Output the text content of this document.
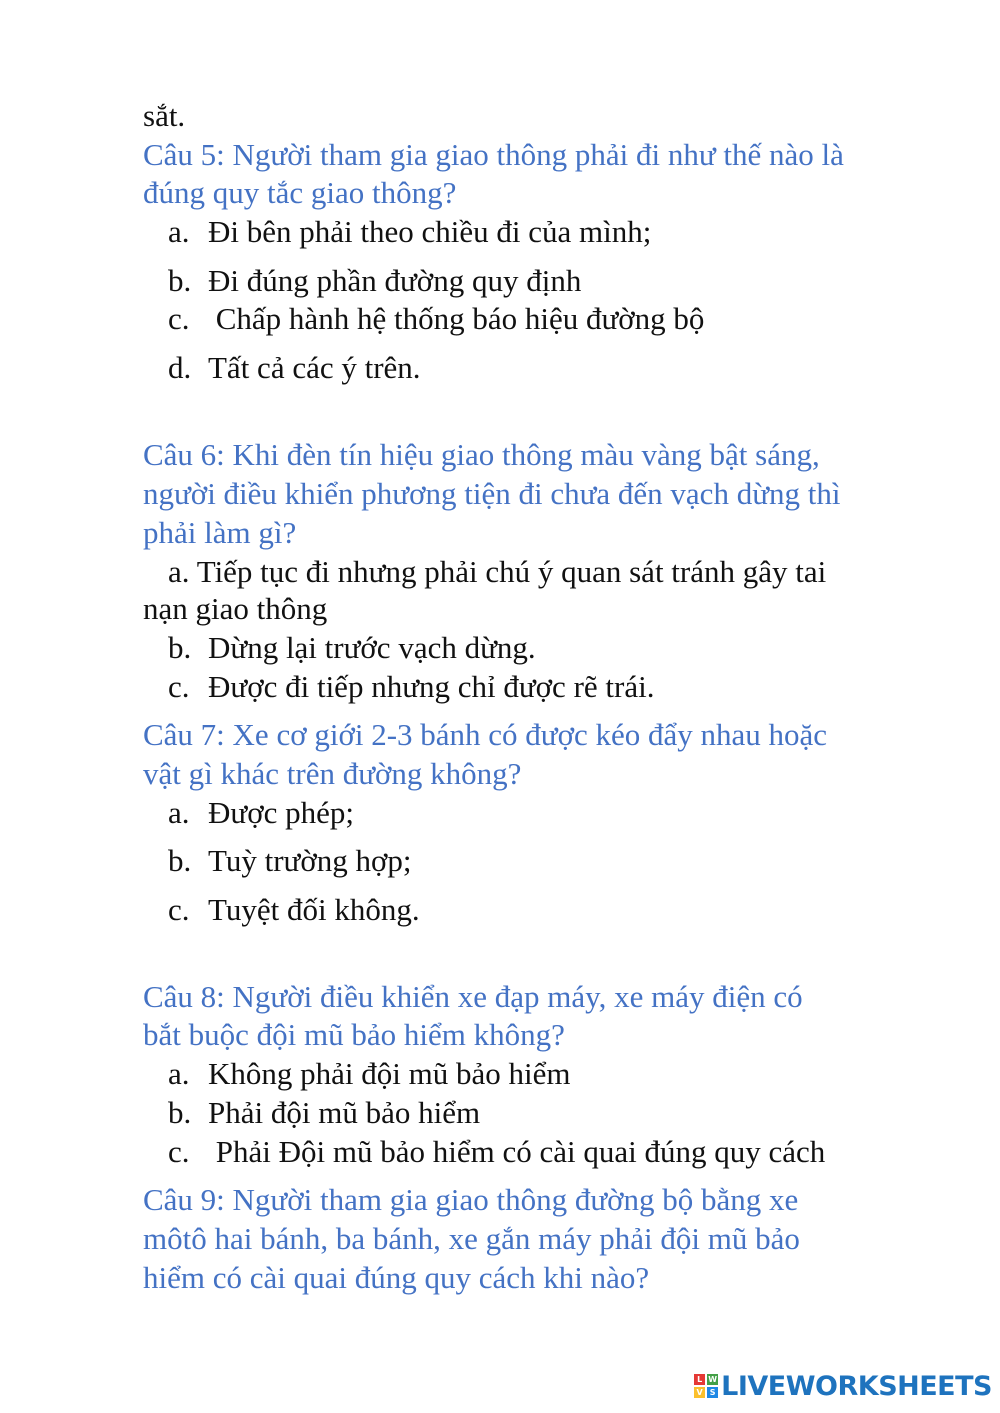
sắt.
Câu 5: Người tham gia giao thông phải đi như thế nào là
đúng quy tắc giao thông?
a. Đi bên phải theo chiều đi của mình;
b. Đi đúng phần đường quy định
c. Chấp hành hệ thống báo hiệu đường bộ
d. Tất cả các ý trên.
Câu 6: Khi đèn tín hiệu giao thông màu vàng bật sáng,
người điều khiển phương tiện đi chưa đến vạch dừng thì
phải làm gì?
a. Tiếp tục đi nhưng phải chú ý quan sát tránh gây tai
nạn giao thông
b. Dừng lại trước vạch dừng.
c. Được đi tiếp nhưng chỉ được rẽ trái.
Câu 7: Xe cơ giới 2-3 bánh có được kéo đẩy nhau hoặc
vật gì khác trên đường không?
a. Được phép;
b. Tuỳ trường hợp;
c. Tuyệt đối không.
Câu 8: Người điều khiển xe đạp máy, xe máy điện có
bắt buộc đội mũ bảo hiểm không?
a. Không phải đội mũ bảo hiểm
b. Phải đội mũ bảo hiểm
c. Phải Đội mũ bảo hiểm có cài quai đúng quy cách
Câu 9: Người tham gia giao thông đường bộ bằng xe
môtô hai bánh, ba bánh, xe gắn máy phải đội mũ bảo
hiểm có cài quai đúng quy cách khi nào?
L W
V S LIVEWORKSHEETS
